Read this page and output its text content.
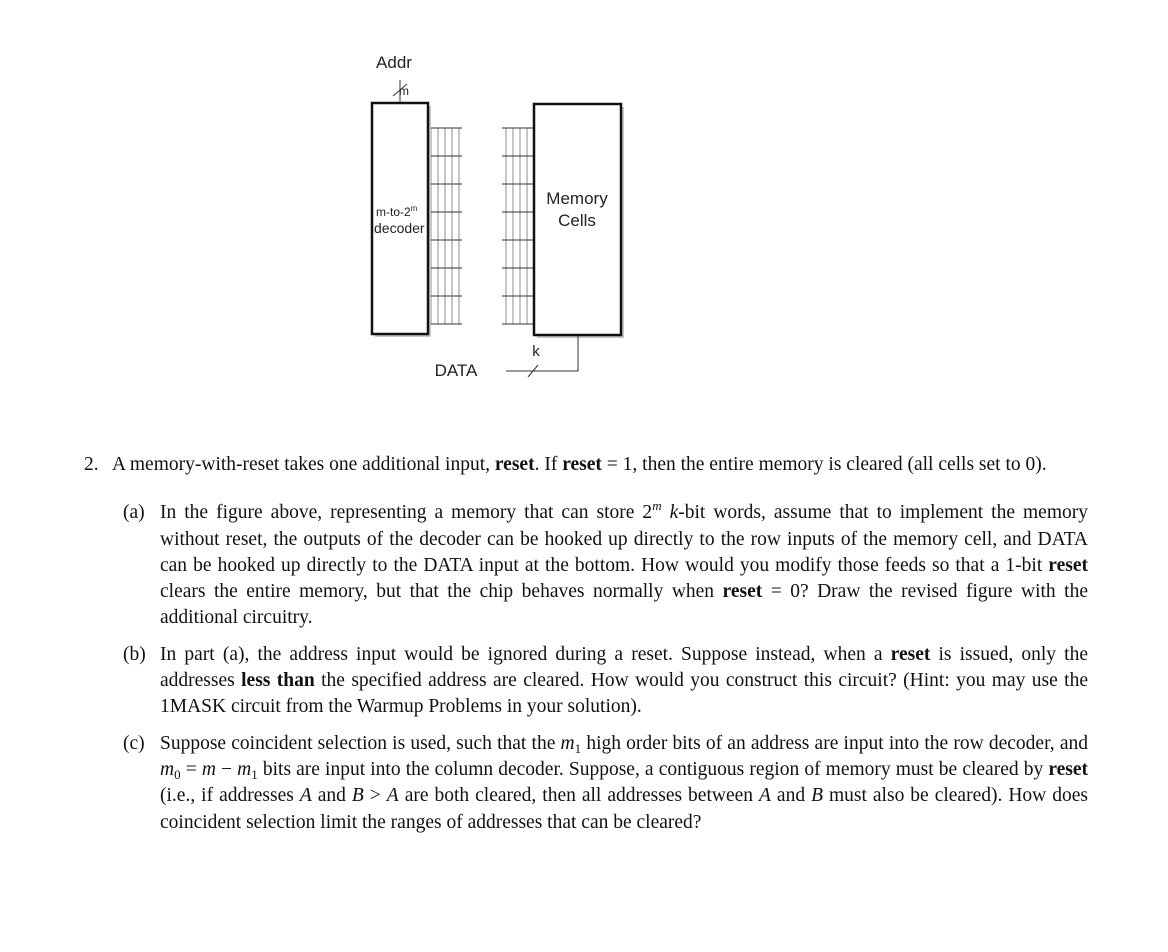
Addr
m
m-to-2$^m$
decoder
Memory
Cells
k
DATA
2. A memory-with-reset takes one additional input, reset. If reset = 1, then the entire memory is cleared (all cells set to 0).
(a) In the figure above, representing a memory that can store 2$^m$ k-bit words, assume that to implement the memory without reset, the outputs of the decoder can be hooked up directly to the row inputs of the memory cell, and DATA can be hooked up directly to the DATA input at the bottom. How would you modify those feeds so that a 1-bit reset clears the entire memory, but that the chip behaves normally when reset = 0? Draw the revised figure with the additional circuitry.
(b) In part (a), the address input would be ignored during a reset. Suppose instead, when a reset is issued, only the addresses less than the specified address are cleared. How would you construct this circuit? (Hint: you may use the 1MASK circuit from the Warmup Problems in your solution).
(c) Suppose coincident selection is used, such that the $m_1$ high order bits of an address are input into the row decoder, and $m_0 = m - m_1$ bits are input into the column decoder. Suppose, a contiguous region of memory must be cleared by reset (i.e., if addresses A and B > A are both cleared, then all addresses between A and B must also be cleared). How does coincident selection limit the ranges of addresses that can be cleared?
